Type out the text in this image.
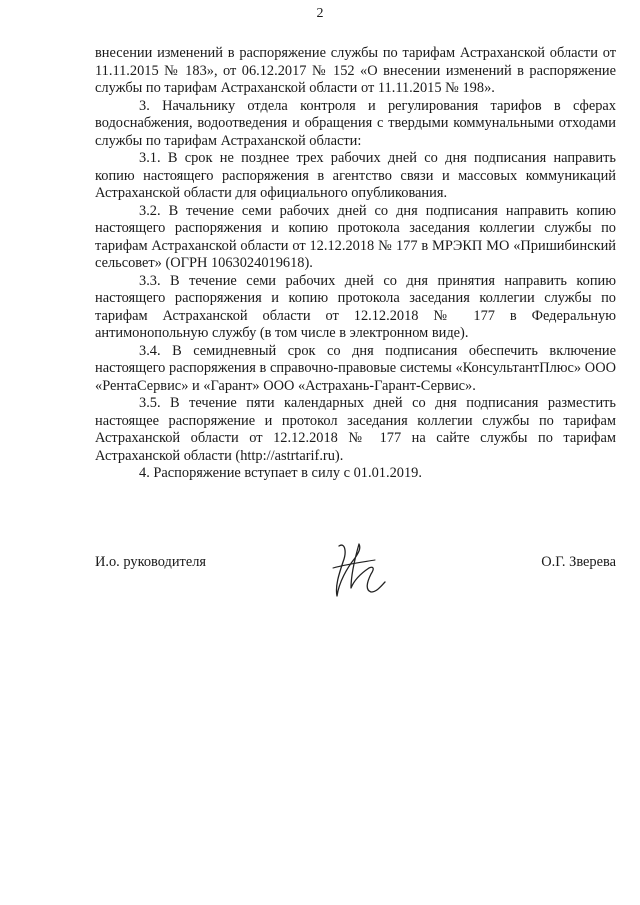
2

внесении изменений в распоряжение службы по тарифам Астраханской области от 11.11.2015 № 183», от 06.12.2017 № 152 «О внесении изменений в распоряжение службы по тарифам Астраханской области от 11.11.2015 № 198».

3. Начальнику отдела контроля и регулирования тарифов в сферах водоснабжения, водоотведения и обращения с твердыми коммунальными отходами службы по тарифам Астраханской области:

3.1. В срок не позднее трех рабочих дней со дня подписания направить копию настоящего распоряжения в агентство связи и массовых коммуникаций Астраханской области для официального опубликования.

3.2. В течение семи рабочих дней со дня подписания направить копию настоящего распоряжения и копию протокола заседания коллегии службы по тарифам Астраханской области от 12.12.2018 № 177 в МРЭКП МО «Пришибинский сельсовет» (ОГРН 1063024019618).

3.3. В течение семи рабочих дней со дня принятия направить копию настоящего распоряжения и копию протокола заседания коллегии службы по тарифам Астраханской области от 12.12.2018 № 177 в Федеральную антимонопольную службу (в том числе в электронном виде).

3.4. В семидневный срок со дня подписания обеспечить включение настоящего распоряжения в справочно-правовые системы «КонсультантПлюс» ООО «РентаСервис» и «Гарант» ООО «Астрахань-Гарант-Сервис».

3.5. В течение пяти календарных дней со дня подписания разместить настоящее распоряжение и протокол заседания коллегии службы по тарифам Астраханской области от 12.12.2018 № 177 на сайте службы по тарифам Астраханской области (http://astrtarif.ru).

4. Распоряжение вступает в силу с 01.01.2019.

И.о. руководителя	О.Г. Зверева
